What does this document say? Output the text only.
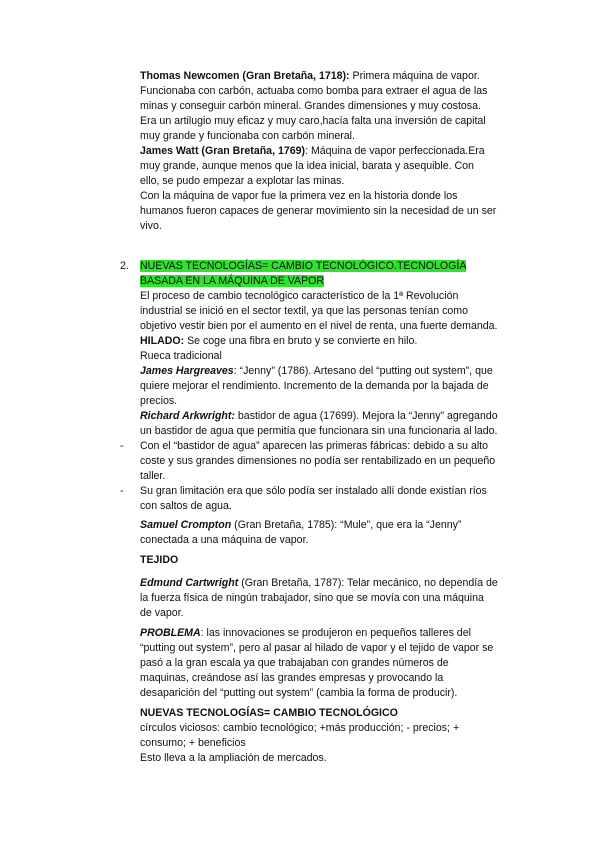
Thomas Newcomen (Gran Bretaña, 1718): Primera máquina de vapor.
Funcionaba con carbón, actuaba como bomba para extraer el agua de las
minas y conseguir carbón mineral. Grandes dimensiones y muy costosa.
Era un artilugio muy eficaz y muy caro,hacía falta una inversión de capital
muy grande y funcionaba con carbón mineral.
James Watt (Gran Bretaña, 1769): Máquina de vapor perfeccionada.Era
muy grande, aunque menos que la idea inicial, barata y asequible. Con
ello, se pudo empezar a explotar las minas.
Con la máquina de vapor fue la primera vez en la historia donde los
humanos fueron capaces de generar movimiento sin la necesidad de un ser
vivo.
2. NUEVAS TECNOLOGÍAS= CAMBIO TECNOLÓGICO.TECNOLOGÍA
BASADA EN LA MÁQUINA DE VAPOR
El proceso de cambio tecnológico característico de la 1ª Revolución
industrial se inició en el sector textil, ya que las personas tenían como
objetivo vestir bien por el aumento en el nivel de renta, una fuerte demanda.
HILADO: Se coge una fibra en bruto y se convierte en hilo.
Rueca tradicional
James Hargreaves: “Jenny” (1786). Artesano del “putting out system”, que
quiere mejorar el rendimiento. Incremento de la demanda por la bajada de
precios.
Richard Arkwright: bastidor de agua (17699). Mejora la “Jenny” agregando
un bastidor de agua que permitía que funcionara sin una funcionaria al lado.
- Con el “bastidor de agua” aparecen las primeras fábricas: debido a su alto
coste y sus grandes dimensiones no podía ser rentabilizado en un pequeño
taller.
- Su gran limitación era que sólo podía ser instalado allí donde existían ríos
con saltos de agua.
Samuel Crompton (Gran Bretaña, 1785): “Mule”, que era la “Jenny”
conectada a una máquina de vapor.
TEJIDO
Edmund Cartwright (Gran Bretaña, 1787): Telar mecánico, no dependía de
la fuerza física de ningún trabajador, sino que se movía con una máquina
de vapor.
PROBLEMA: las innovaciones se produjeron en pequeños talleres del
“putting out system”, pero al pasar al hilado de vapor y el tejido de vapor se
pasó a la gran escala ya que trabajaban con grandes números de
maquinas, creándose así las grandes empresas y provocando la
desaparición del “putting out system” (cambia la forma de producir).
NUEVAS TECNOLOGÍAS= CAMBIO TECNOLÓGICO
círculos viciosos: cambio tecnológico; +más producción; - precios; +
consumo; + beneficios
Esto lleva a la ampliación de mercados.
